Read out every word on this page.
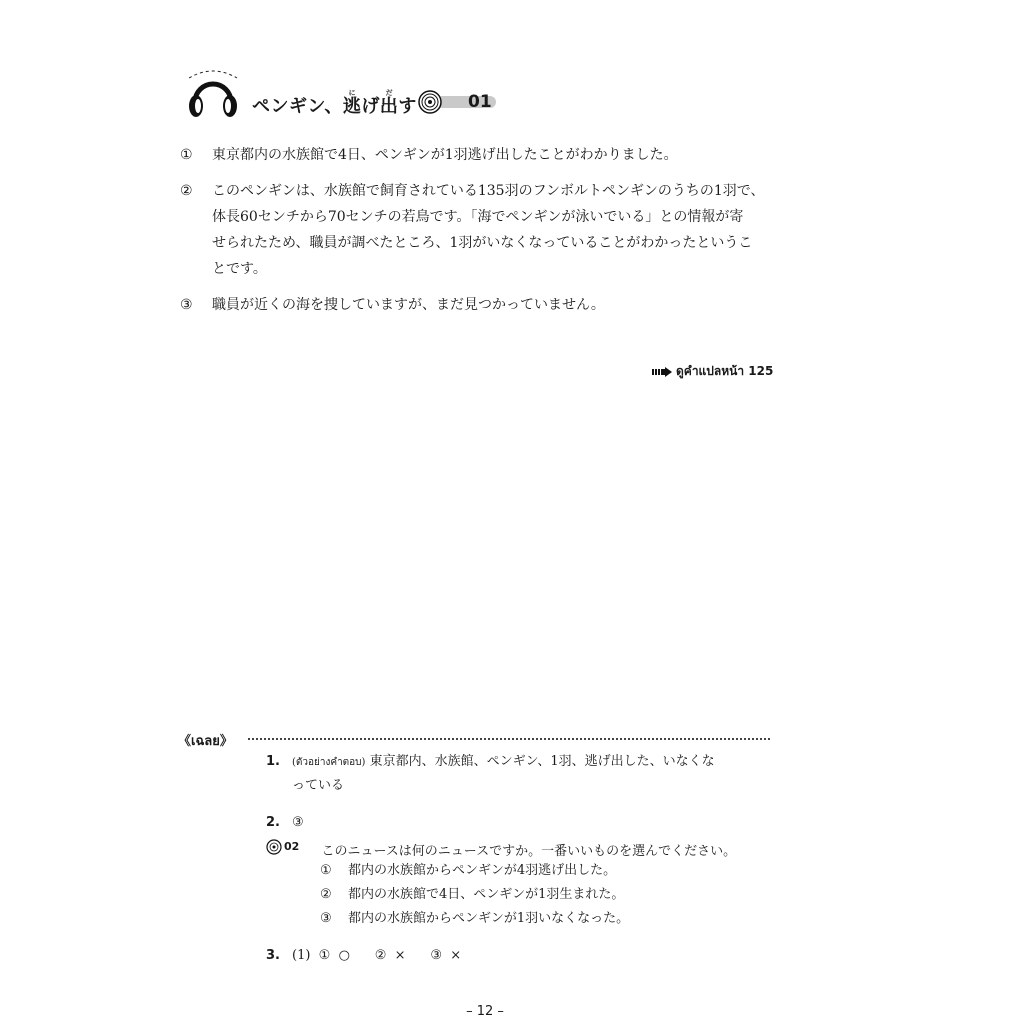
ペンギン、逃にげ出だす	01
①	東京都内の水族館で4日、ペンギンが1羽逃げ出したことがわかりました。
②	このペンギンは、水族館で飼育されている135羽のフンボルトペンギンのうちの1羽で、
体長60センチから70センチの若鳥です。「海でペンギンが泳いでいる」との情報が寄
せられたため、職員が調べたところ、1羽がいなくなっていることがわかったというこ
とです。
③	職員が近くの海を捜していますが、まだ見つかっていません。
ดูคำแปลหน้า 125
《เฉลย》
1. (ตัวอย่างคำตอบ) 東京都内、水族館、ペンギン、1羽、逃げ出した、いなくな
っている
2. ③
02 このニュースは何のニュースですか。一番いいものを選んでください。
① 都内の水族館からペンギンが4羽逃げ出した。
② 都内の水族館で4日、ペンギンが1羽生まれた。
③ 都内の水族館からペンギンが1羽いなくなった。
3. (1)  ①  ○      ②  ×      ③  ×
– 12 –
